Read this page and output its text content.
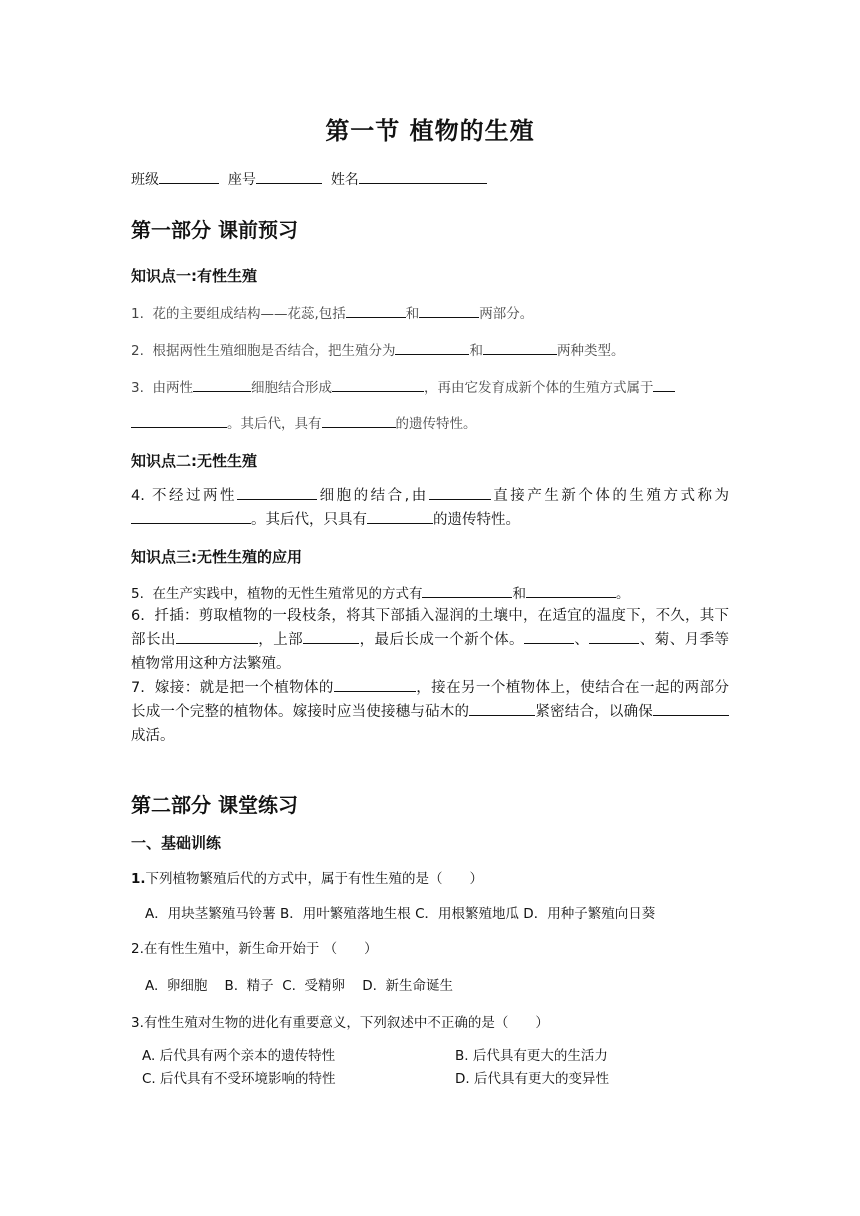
第一节 植物的生殖
班级	座号	姓名
第一部分 课前预习
知识点一:有性生殖
1. 花的主要组成结构——花蕊,包括	和	两部分。
2. 根据两性生殖细胞是否结合，把生殖分为	和	两种类型。
3. 由两性	细胞结合形成	，再由它发育成新个体的生殖方式属于
。其后代，具有	的遗传特性。
知识点二:无性生殖
4. 不经过两性	细胞的结合,由	直接产生新个体的生殖方式称为。其后代，只具有	的遗传特性。
知识点三:无性生殖的应用
5. 在生产实践中，植物的无性生殖常见的方式有	和	。
6. 扦插：剪取植物的一段枝条，将其下部插入湿润的土壤中，在适宜的温度下，不久，其下部长出	，上部	，最后长成一个新个体。	、	、菊、月季等植物常用这种方法繁殖。
7. 嫁接：就是把一个植物体的	，接在另一个植物体上，使结合在一起的两部分长成一个完整的植物体。嫁接时应当使接穗与砧木的	紧密结合，以确保成活。
第二部分 课堂练习
一、基础训练
1.下列植物繁殖后代的方式中，属于有性生殖的是（　　）
A．用块茎繁殖马铃薯 B．用叶繁殖落地生根 C．用根繁殖地瓜 D．用种子繁殖向日葵
2.在有性生殖中，新生命开始于 （　　）
A.  卵细胞    B.  精子  C.  受精卵    D.  新生命诞生
3.有性生殖对生物的进化有重要意义，下列叙述中不正确的是（　　）
A. 后代具有两个亲本的遗传特性	B. 后代具有更大的生活力
C. 后代具有不受环境影响的特性	D. 后代具有更大的变异性
